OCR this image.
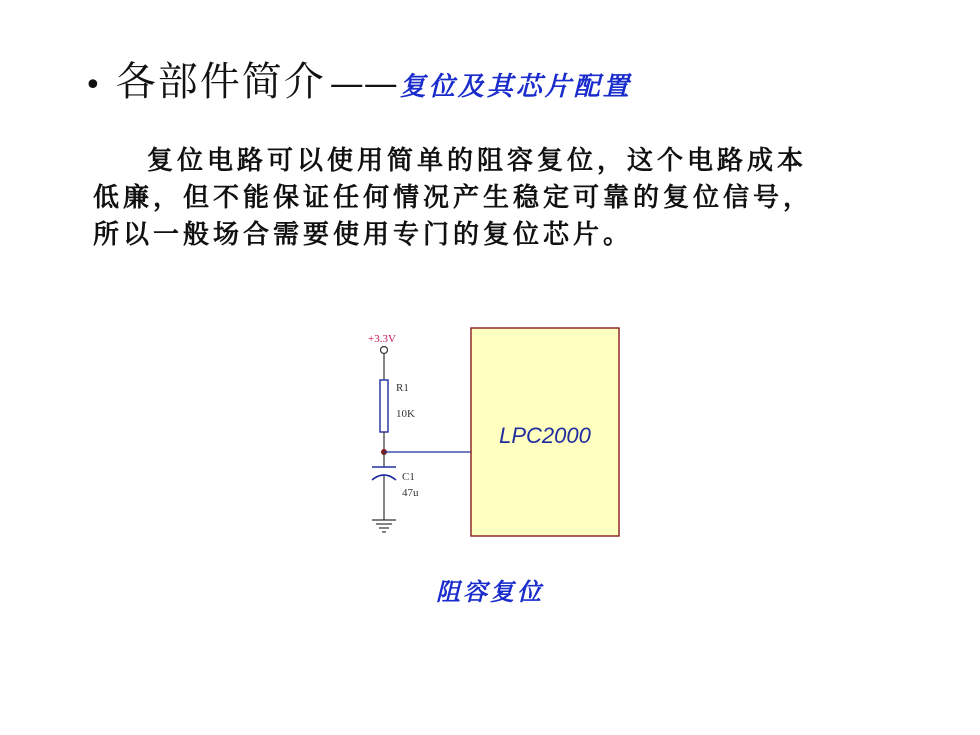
• 各部件简介 —— 复位及其芯片配置
复位电路可以使用简单的阻容复位，这个电路成本
低廉，但不能保证任何情况产生稳定可靠的复位信号，
所以一般场合需要使用专门的复位芯片。
+3.3V
R1
10K
C1
47u
LPC2000
阻容复位
